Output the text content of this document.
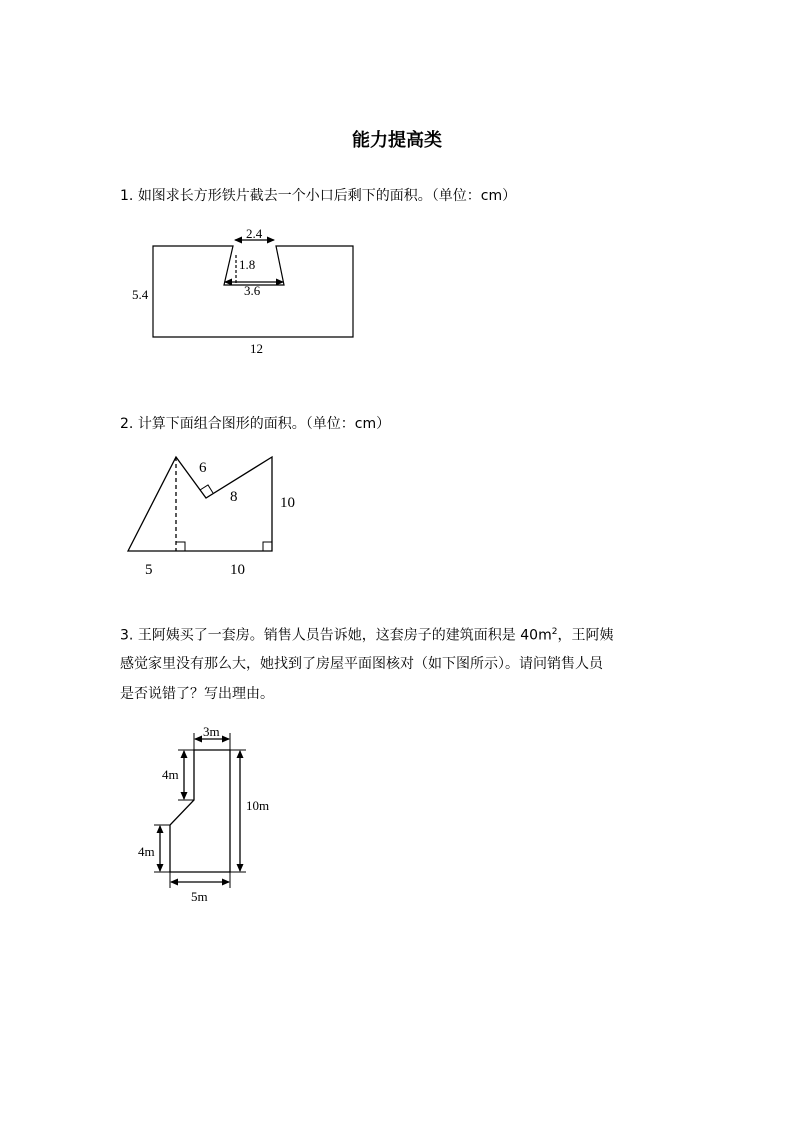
能力提高类
1. 如图求长方形铁片截去一个小口后剩下的面积。（单位：cm）
2. 计算下面组合图形的面积。（单位：cm）
3. 王阿姨买了一套房。销售人员告诉她，这套房子的建筑面积是 $40m^2$，王阿姨
感觉家里没有那么大，她找到了房屋平面图核对（如下图所示）。请问销售人员
是否说错了？写出理由。
2.4
1.8
3.6
5.4
12
6
8	10
5	10
3m
4m
10m
4m
5m
